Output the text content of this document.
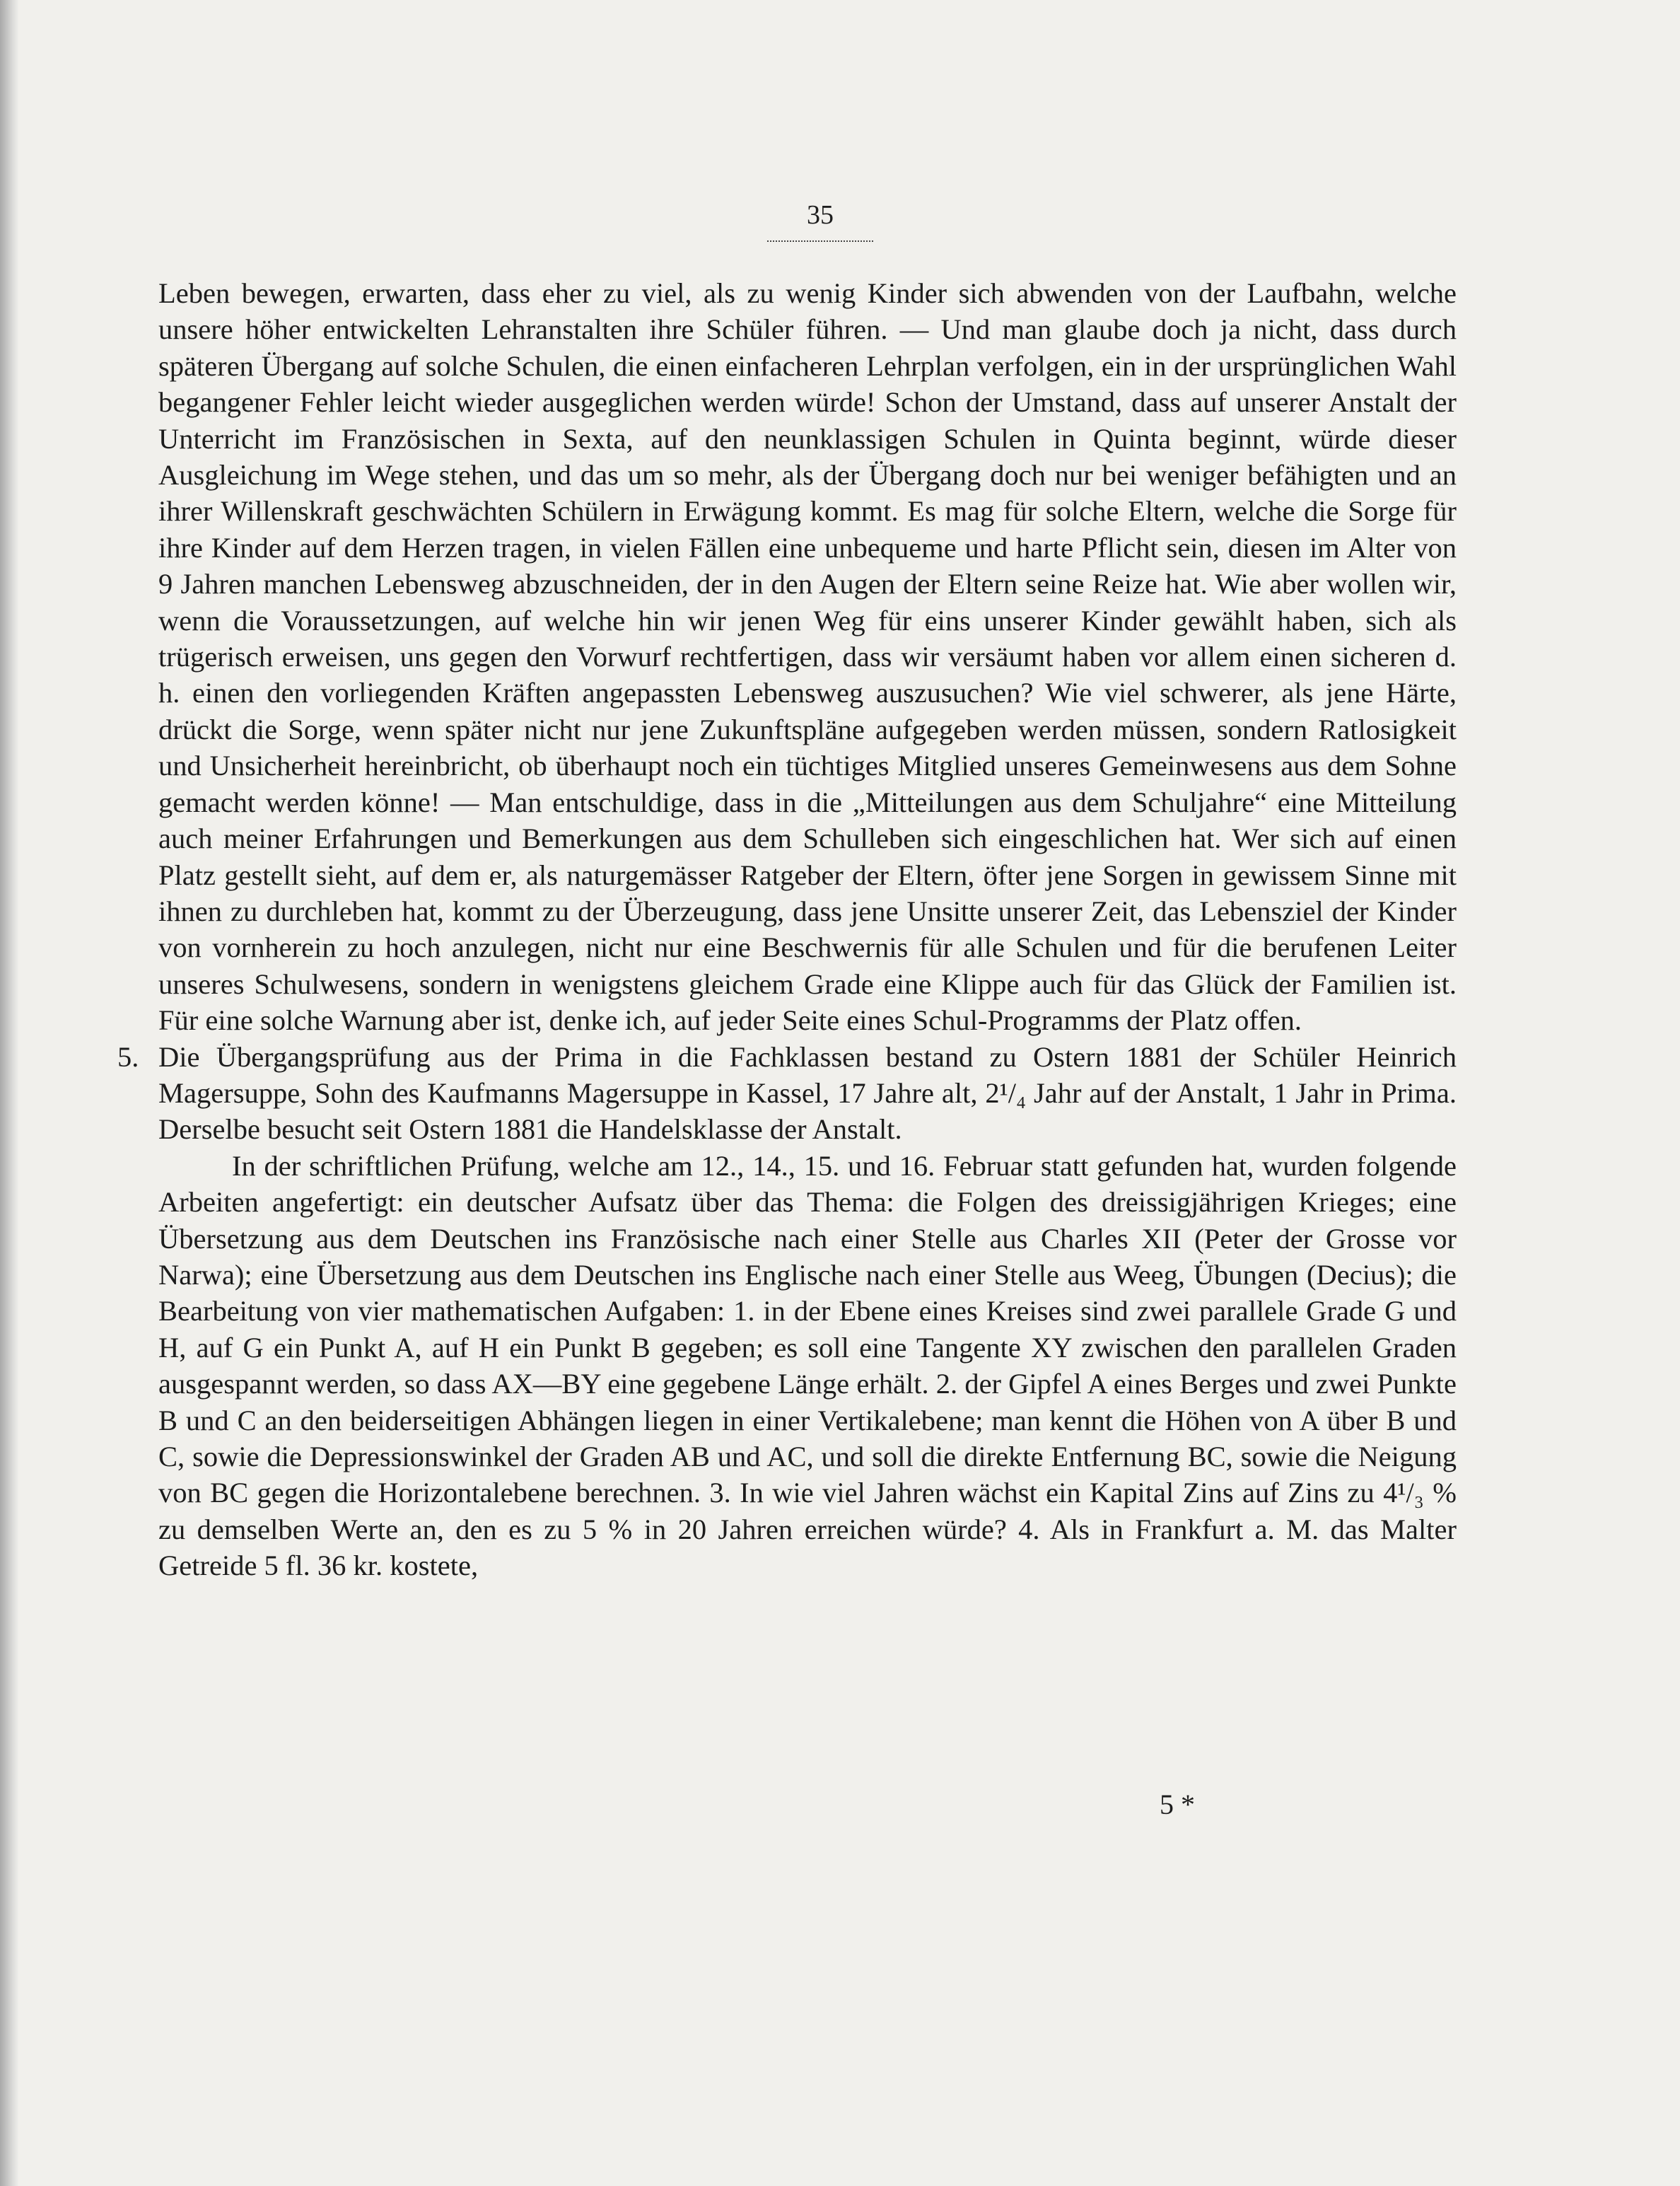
35

Leben bewegen, erwarten, dass eher zu viel, als zu wenig Kinder sich abwenden von der Laufbahn, welche unsere höher entwickelten Lehranstalten ihre Schüler führen. — Und man glaube doch ja nicht, dass durch späteren Übergang auf solche Schulen, die einen einfacheren Lehrplan verfolgen, ein in der ursprünglichen Wahl begangener Fehler leicht wieder ausgeglichen werden würde! Schon der Umstand, dass auf unserer Anstalt der Unterricht im Französischen in Sexta, auf den neunklassigen Schulen in Quinta beginnt, würde dieser Ausgleichung im Wege stehen, und das um so mehr, als der Übergang doch nur bei weniger befähigten und an ihrer Willenskraft geschwächten Schülern in Erwägung kommt. Es mag für solche Eltern, welche die Sorge für ihre Kinder auf dem Herzen tragen, in vielen Fällen eine unbequeme und harte Pflicht sein, diesen im Alter von 9 Jahren manchen Lebensweg abzuschneiden, der in den Augen der Eltern seine Reize hat. Wie aber wollen wir, wenn die Voraussetzungen, auf welche hin wir jenen Weg für eins unserer Kinder gewählt haben, sich als trügerisch erweisen, uns gegen den Vorwurf rechtfertigen, dass wir versäumt haben vor allem einen sicheren d. h. einen den vorliegenden Kräften angepassten Lebensweg auszusuchen? Wie viel schwerer, als jene Härte, drückt die Sorge, wenn später nicht nur jene Zukunftspläne aufgegeben werden müssen, sondern Ratlosigkeit und Unsicherheit hereinbricht, ob überhaupt noch ein tüchtiges Mitglied unseres Gemeinwesens aus dem Sohne gemacht werden könne! — Man entschuldige, dass in die „Mitteilungen aus dem Schuljahre“ eine Mitteilung auch meiner Erfahrungen und Bemerkungen aus dem Schulleben sich eingeschlichen hat. Wer sich auf einen Platz gestellt sieht, auf dem er, als naturgemässer Ratgeber der Eltern, öfter jene Sorgen in gewissem Sinne mit ihnen zu durchleben hat, kommt zu der Überzeugung, dass jene Unsitte unserer Zeit, das Lebensziel der Kinder von vornherein zu hoch anzulegen, nicht nur eine Beschwernis für alle Schulen und für die berufenen Leiter unseres Schulwesens, sondern in wenigstens gleichem Grade eine Klippe auch für das Glück der Familien ist. Für eine solche Warnung aber ist, denke ich, auf jeder Seite eines Schul-Programms der Platz offen.

5. Die Übergangsprüfung aus der Prima in die Fachklassen bestand zu Ostern 1881 der Schüler Heinrich Magersuppe, Sohn des Kaufmanns Magersuppe in Kassel, 17 Jahre alt, 2¹/₄ Jahr auf der Anstalt, 1 Jahr in Prima. Derselbe besucht seit Ostern 1881 die Handelsklasse der Anstalt.

In der schriftlichen Prüfung, welche am 12., 14., 15. und 16. Februar statt gefunden hat, wurden folgende Arbeiten angefertigt: ein deutscher Aufsatz über das Thema: die Folgen des dreissigjährigen Krieges; eine Übersetzung aus dem Deutschen ins Französische nach einer Stelle aus Charles XII (Peter der Grosse vor Narwa); eine Übersetzung aus dem Deutschen ins Englische nach einer Stelle aus Weeg, Übungen (Decius); die Bearbeitung von vier mathematischen Aufgaben: 1. in der Ebene eines Kreises sind zwei parallele Grade G und H, auf G ein Punkt A, auf H ein Punkt B gegeben; es soll eine Tangente XY zwischen den parallelen Graden ausgespannt werden, so dass AX—BY eine gegebene Länge erhält. 2. der Gipfel A eines Berges und zwei Punkte B und C an den beiderseitigen Abhängen liegen in einer Vertikalebene; man kennt die Höhen von A über B und C, sowie die Depressionswinkel der Graden AB und AC, und soll die direkte Entfernung BC, sowie die Neigung von BC gegen die Horizontalebene berechnen. 3. In wie viel Jahren wächst ein Kapital Zins auf Zins zu 4¹/₃ % zu demselben Werte an, den es zu 5 % in 20 Jahren erreichen würde? 4. Als in Frankfurt a. M. das Malter Getreide 5 fl. 36 kr. kostete,

5 *
